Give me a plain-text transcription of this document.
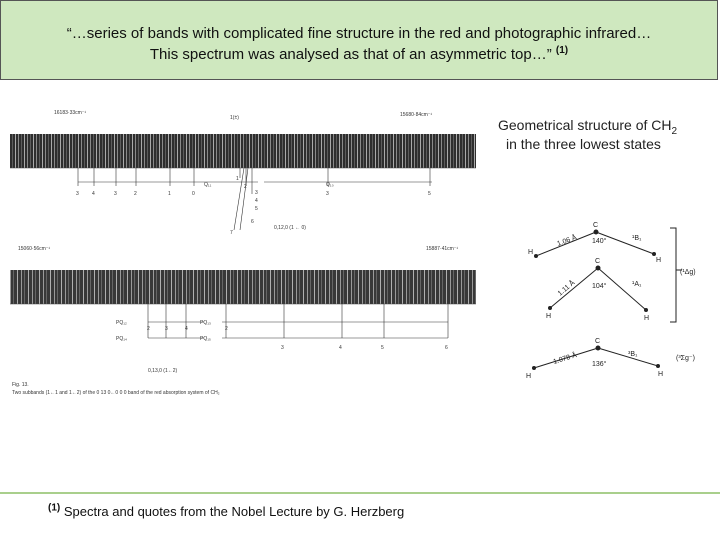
“…series of bands with complicated fine structure in the red and photographic infrared…
This spectrum was analysed as that of an asymmetric top…” $^{(1)}$
16183·33cm⁻¹
1(±)	15680·84cm⁻¹
3	4	3	2	1	0
1
2
3
4
5
6
7
3	5
Q₁₁	Q₁₀
0,12,0 (1 ← 0)
15060·56cm⁻¹	15887·41cm⁻¹
PQ₁₂	PQ₁₃
PQ₁₄	PQ₁₅
2	3	4	2
3	4	5	6
0,13,0 (1←2)
Fig. 13.
Two subbands (1←1 and 1←2) of the 0 13 0←0 0 0 band of the red absorption system of CH₂
Geometrical structure of $CH_2$
in the three lowest states
C
H
H
1.06 Å 140°	¹B₁
(¹Δg)
C
H	H
1.11 Å 104°	¹A₁
C
H	H
1.078 Å 136°
³B₁
(³Σg⁻)
$^{(1)}$ Spectra and quotes from the Nobel Lecture by G. Herzberg
